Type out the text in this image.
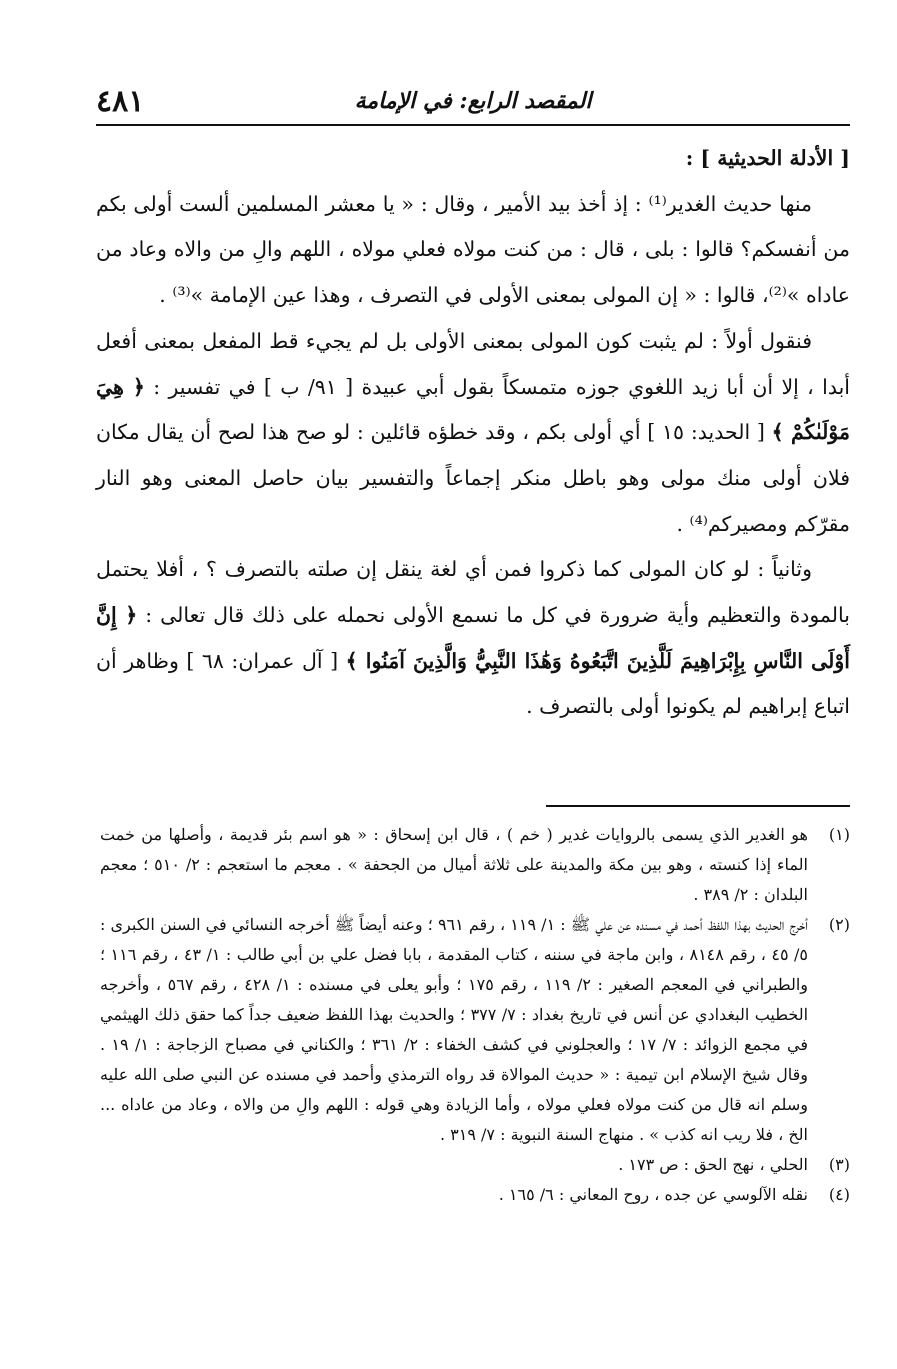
٤٨١	المقصد الرابع: في الإمامة

[ الأدلة الحديثية ] :

منها حديث الغدير⁽¹⁾ : إذ أخذ بيد الأمير ، وقال : « يا معشر المسلمين ألست أولى بكم من أنفسكم؟ قالوا : بلى ، قال : من كنت مولاه فعلي مولاه ، اللهم والِ من والاه وعاد من عاداه »⁽²⁾، قالوا : « إن المولى بمعنى الأولى في التصرف ، وهذا عين الإمامة »⁽³⁾ .

فنقول أولاً : لم يثبت كون المولى بمعنى الأولى بل لم يجيء قط المفعل بمعنى أفعل أبدا ، إلا أن أبا زيد اللغوي جوزه متمسكاً بقول أبي عبيدة [ ٩١/ ب ] في تفسير : ﴿ هِيَ مَوْلَىٰكُمْ ﴾ [ الحديد: ١٥ ] أي أولى بكم ، وقد خطؤه قائلين : لو صح هذا لصح أن يقال مكان فلان أولى منك مولى وهو باطل منكر إجماعاً والتفسير بيان حاصل المعنى وهو النار مقرّكم ومصيركم⁽⁴⁾ .

وثانياً : لو كان المولى كما ذكروا فمن أي لغة ينقل إن صلته بالتصرف ؟ ، أفلا يحتمل بالمودة والتعظيم وأية ضرورة في كل ما نسمع الأولى نحمله على ذلك قال تعالى : ﴿ إِنَّ أَوْلَى النَّاسِ بِإِبْرَاهِيمَ لَلَّذِينَ اتَّبَعُوهُ وَهَٰذَا النَّبِيُّ وَالَّذِينَ آمَنُوا ﴾ [ آل عمران: ٦٨ ] وظاهر أن اتباع إبراهيم لم يكونوا أولى بالتصرف .

(١)
هو الغدير الذي يسمى بالروايات غدير ( خم ) ، قال ابن إسحاق : « هو اسم بئر قديمة ، وأصلها من خمت الماء إذا كنسته ، وهو بين مكة والمدينة على ثلاثة أميال من الجحفة » . معجم ما استعجم : ٢/ ٥١٠ ؛ معجم البلدان : ٢/ ٣٨٩ .

(٢)
أخرج الحديث بهذا اللفظ أحمد في مسنده عن علي ﷺ : ١/ ١١٩ ، رقم ٩٦١ ؛ وعنه أيضاً ﷺ أخرجه النسائي في السنن الكبرى : ٥/ ٤٥ ، رقم ٨١٤٨ ، وابن ماجة في سننه ، كتاب المقدمة ، بابا فضل علي بن أبي طالب : ١/ ٤٣ ، رقم ١١٦ ؛ والطبراني في المعجم الصغير : ٢/ ١١٩ ، رقم ١٧٥ ؛ وأبو يعلى في مسنده : ١/ ٤٢٨ ، رقم ٥٦٧ ، وأخرجه الخطيب البغدادي عن أنس في تاريخ بغداد : ٧/ ٣٧٧ ؛ والحديث بهذا اللفظ ضعيف جداً كما حقق ذلك الهيثمي في مجمع الزوائد : ٧/ ١٧ ؛ والعجلوني في كشف الخفاء : ٢/ ٣٦١ ؛ والكناني في مصباح الزجاجة : ١/ ١٩ . وقال شيخ الإسلام ابن تيمية : « حديث الموالاة قد رواه الترمذي وأحمد في مسنده عن النبي صلى الله عليه وسلم انه قال من كنت مولاه فعلي مولاه ، وأما الزيادة وهي قوله : اللهم والِ من والاه ، وعاد من عاداه ... الخ ، فلا ريب انه كذب » . منهاج السنة النبوية : ٧/ ٣١٩ .

(٣)
الحلي ، نهج الحق : ص ١٧٣ .

(٤)
نقله الآلوسي عن جده ، روح المعاني : ٦/ ١٦٥ .
